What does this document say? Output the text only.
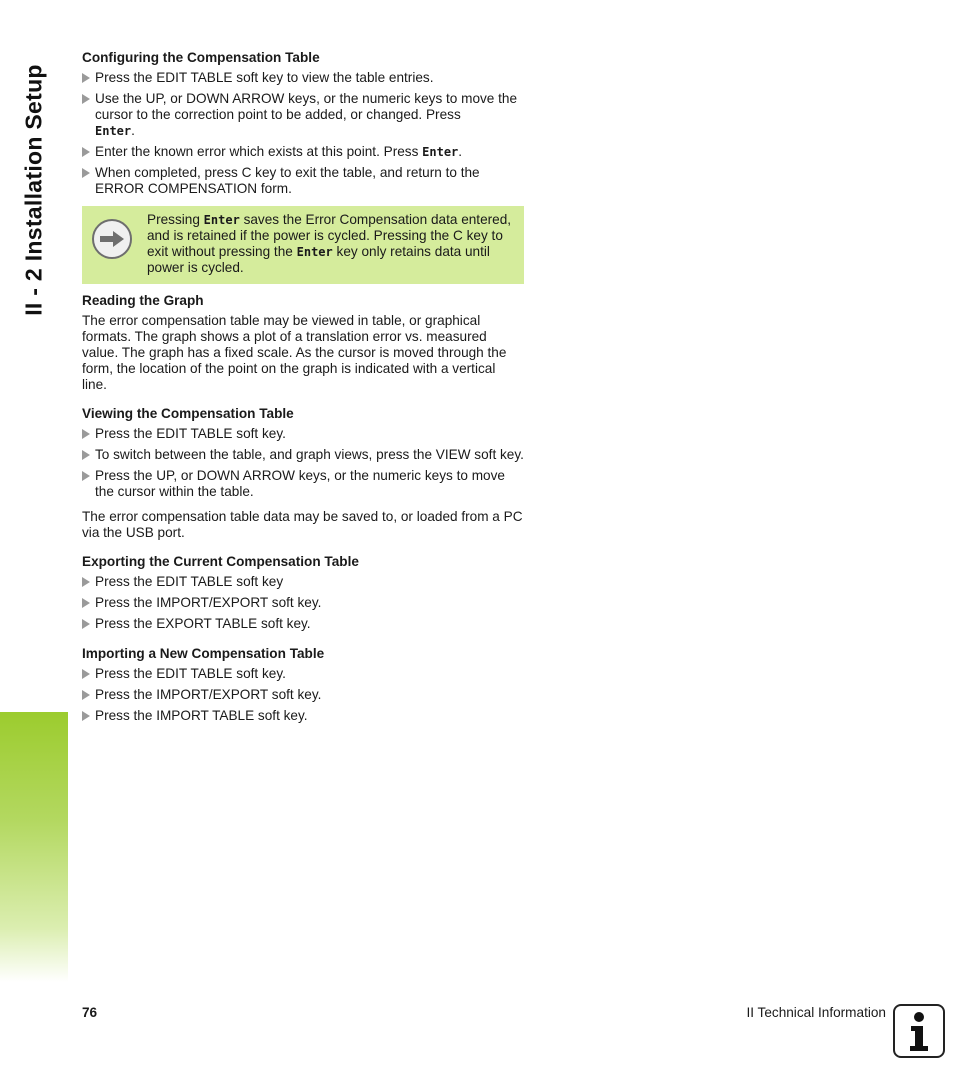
II - 2 Installation Setup
Configuring the Compensation Table
Press the EDIT TABLE soft key to view the table entries.
Use the UP, or DOWN ARROW keys, or the numeric keys to move the cursor to the correction point to be added, or changed. Press
Enter.
Enter the known error which exists at this point. Press Enter.
When completed, press C key to exit the table, and return to the ERROR COMPENSATION form.

Pressing Enter saves the Error Compensation data entered, and is retained if the power is cycled. Pressing the C key to exit without pressing the Enter key only retains data until power is cycled.

Reading the Graph

The error compensation table may be viewed in table, or graphical formats. The graph shows a plot of a translation error vs. measured value. The graph has a fixed scale. As the cursor is moved through the form, the location of the point on the graph is indicated with a vertical line.

Viewing the Compensation Table
Press the EDIT TABLE soft key.
To switch between the table, and graph views, press the VIEW soft key.
Press the UP, or DOWN ARROW keys, or the numeric keys to move the cursor within the table.

The error compensation table data may be saved to, or loaded from a PC via the USB port.

Exporting the Current Compensation Table
Press the EDIT TABLE soft key
Press the IMPORT/EXPORT soft key.
Press the EXPORT TABLE soft key.
Importing a New Compensation Table
Press the EDIT TABLE soft key.
Press the IMPORT/EXPORT soft key.
Press the IMPORT TABLE soft key.
76	II Technical Information
